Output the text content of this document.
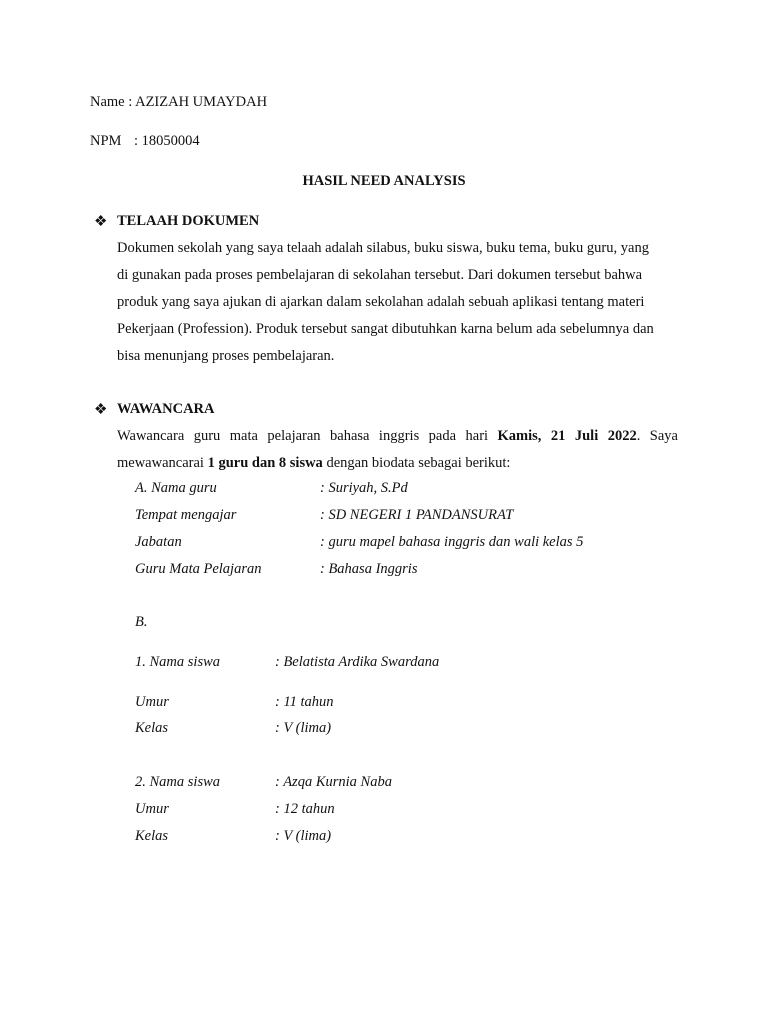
Name : AZIZAH UMAYDAH
NPM : 18050004
HASIL NEED ANALYSIS
❖ TELAAH DOKUMEN

Dokumen sekolah yang saya telaah adalah silabus, buku siswa, buku tema, buku guru, yang

di gunakan pada proses pembelajaran di sekolahan tersebut. Dari dokumen tersebut bahwa

produk yang saya ajukan di ajarkan dalam sekolahan adalah sebuah aplikasi tentang materi

Pekerjaan (Profession). Produk tersebut sangat dibutuhkan karna belum ada sebelumnya dan

bisa menunjang proses pembelajaran.

❖ WAWANCARA

Wawancara guru mata pelajaran bahasa inggris pada hari Kamis, 21 Juli 2022. Saya

mewawancarai 1 guru dan 8 siswa dengan biodata sebagai berikut:

A. Nama guru	: Suriyah, S.Pd
Tempat mengajar	: SD NEGERI 1 PANDANSURAT
Jabatan	: guru mapel bahasa inggris dan wali kelas 5
Guru Mata Pelajaran	: Bahasa Inggris
B.
1. Nama siswa	: Belatista Ardika Swardana
Umur	: 11 tahun
Kelas	: V (lima)
2. Nama siswa	: Azqa Kurnia Naba
Umur	: 12 tahun
Kelas	: V (lima)
